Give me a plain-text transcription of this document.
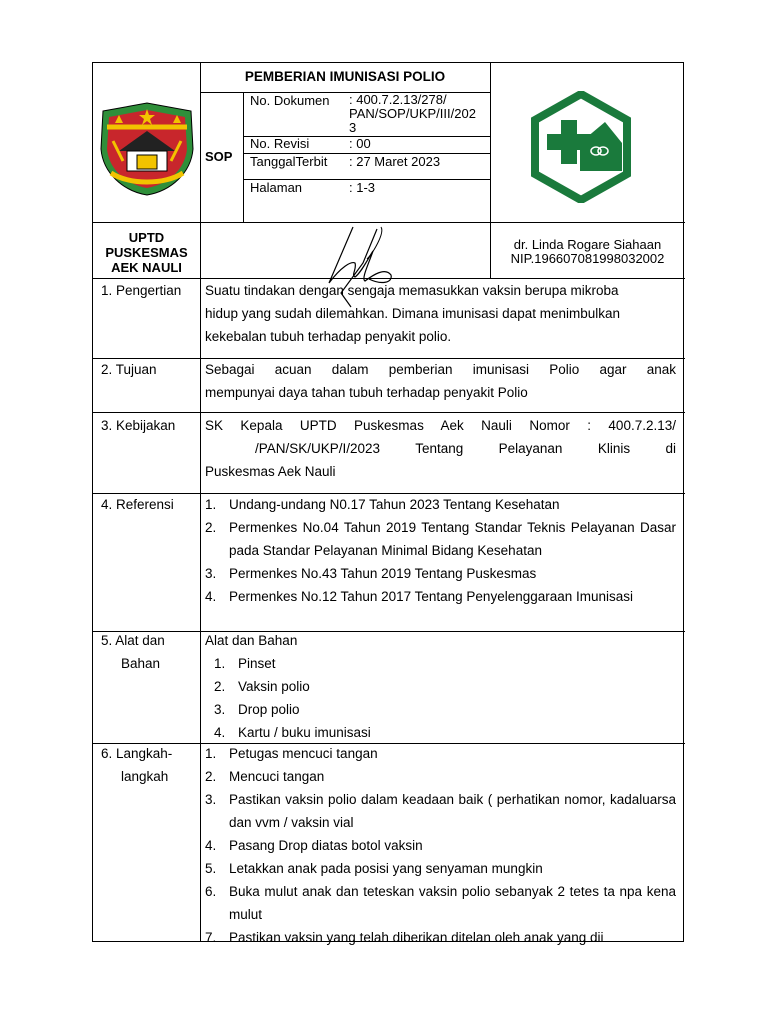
PEMBERIAN IMUNISASI POLIO
SOP
No. Dokumen : 400.7.2.13/278/
PAN/SOP/UKP/III/202
3
No. Revisi	: 00
TanggalTerbit : 27 Maret 2023
Halaman	: 1-3
UPTD
PUSKESMAS
AEK NAULI
dr. Linda Rogare Siahaan
NIP.196607081998032002
1. Pengertian Suatu tindakan dengan sengaja memasukkan vaksin berupa mikroba
hidup yang sudah dilemahkan. Dimana imunisasi dapat menimbulkan
kekebalan tubuh terhadap penyakit polio.
2. Tujuan	Sebagai acuan dalam pemberian imunisasi Polio agar anak
mempunyai daya tahan tubuh terhadap penyakit Polio
3. Kebijakan SK Kepala UPTD Puskesmas Aek Nauli Nomor : 400.7.2.13/
/PAN/SK/UKP/I/2023 Tentang Pelayanan Klinis di
Puskesmas Aek Nauli
4. Referensi 1. Undang-undang N0.17 Tahun 2023 Tentang Kesehatan
2. Permenkes No.04 Tahun 2019 Tentang Standar Teknis Pelayanan Dasar pada Standar Pelayanan Minimal Bidang Kesehatan
3. Permenkes No.43 Tahun 2019 Tentang Puskesmas
4. Permenkes No.12 Tahun 2017 Tentang Penyelenggaraan Imunisasi
5. Alat dan
Bahan
Alat dan Bahan
1. Pinset
2. Vaksin polio
3. Drop polio
4. Kartu / buku imunisasi
6. Langkah-
langkah
1. Petugas mencuci tangan
2. Mencuci tangan
3. Pastikan vaksin polio dalam keadaan baik ( perhatikan nomor, kadaluarsa dan vvm / vaksin vial
4. Pasang Drop diatas botol vaksin
5. Letakkan anak pada posisi yang senyaman mungkin
6. Buka mulut anak dan teteskan vaksin polio sebanyak 2 tetes ta npa kena mulut
7. Pastikan vaksin yang telah diberikan ditelan oleh anak yang dii
